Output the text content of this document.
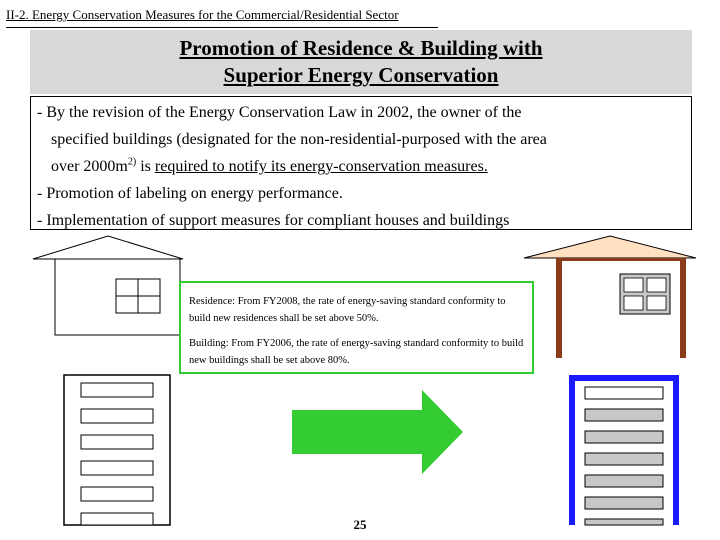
II-2. Energy Conservation Measures for the Commercial/Residential Sector
Promotion of Residence & Building with
Superior Energy Conservation

- By the revision of the Energy Conservation Law in 2002, the owner of the

specified buildings (designated for the non-residential-purposed with the area

over $2000m^{2)}$ is required to notify its energy-conservation measures.

- Promotion of labeling on energy performance.

- Implementation of support measures for compliant houses and buildings

Residence: From FY2008, the rate of energy-saving standard conformity to build new residences shall be set above 50%.

Building: From FY2006, the rate of energy-saving standard conformity to build new buildings shall be set above 80%.

25
